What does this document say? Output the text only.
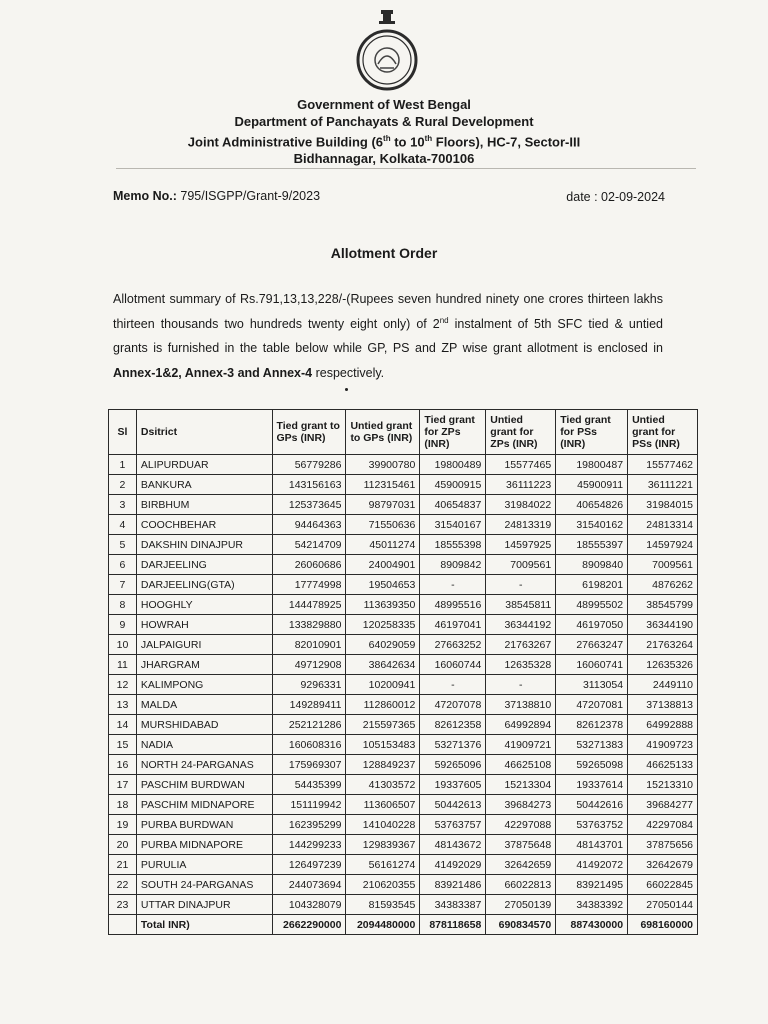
Government of West Bengal
Department of Panchayats & Rural Development
Joint Administrative Building (6th to 10th Floors), HC-7, Sector-III
Bidhannagar, Kolkata-700106
Memo No.: 795/ISGPP/Grant-9/2023	date : 02-09-2024
Allotment Order
Allotment summary of Rs.791,13,13,228/-(Rupees seven hundred ninety one crores thirteen lakhs thirteen thousands two hundreds twenty eight only) of 2nd instalment of 5th SFC tied & untied grants is furnished in the table below while GP, PS and ZP wise grant allotment is enclosed in Annex-1&2, Annex-3 and Annex-4 respectively.
Sl	Dsitrict	Tied grant to GPs (INR)	Untied grant to GPs (INR)	Tied grant for ZPs (INR)	Untied grant for ZPs (INR)	Tied grant for PSs (INR)	Untied grant for PSs (INR)
1	ALIPURDUAR	56779286	39900780	19800489	15577465	19800487	15577462
2	BANKURA	143156163	112315461	45900915	36111223	45900911	36111221
3	BIRBHUM	125373645	98797031	40654837	31984022	40654826	31984015
4	COOCHBEHAR	94464363	71550636	31540167	24813319	31540162	24813314
5	DAKSHIN DINAJPUR	54214709	45011274	18555398	14597925	18555397	14597924
6	DARJEELING	26060686	24004901	8909842	7009561	8909840	7009561
7	DARJEELING(GTA)	17774998	19504653	-	-	6198201	4876262
8	HOOGHLY	144478925	113639350	48995516	38545811	48995502	38545799
9	HOWRAH	133829880	120258335	46197041	36344192	46197050	36344190
10	JALPAIGURI	82010901	64029059	27663252	21763267	27663247	21763264
11	JHARGRAM	49712908	38642634	16060744	12635328	16060741	12635326
12	KALIMPONG	9296331	10200941	-	-	3113054	2449110
13	MALDA	149289411	112860012	47207078	37138810	47207081	37138813
14	MURSHIDABAD	252121286	215597365	82612358	64992894	82612378	64992888
15	NADIA	160608316	105153483	53271376	41909721	53271383	41909723
16	NORTH 24-PARGANAS	175969307	128849237	59265096	46625108	59265098	46625133
17	PASCHIM BURDWAN	54435399	41303572	19337605	15213304	19337614	15213310
18	PASCHIM MIDNAPORE	151119942	113606507	50442613	39684273	50442616	39684277
19	PURBA BURDWAN	162395299	141040228	53763757	42297088	53763752	42297084
20	PURBA MIDNAPORE	144299233	129839367	48143672	37875648	48143701	37875656
21	PURULIA	126497239	56161274	41492029	32642659	41492072	32642679
22	SOUTH 24-PARGANAS	244073694	210620355	83921486	66022813	83921495	66022845
23	UTTAR DINAJPUR	104328079	81593545	34383387	27050139	34383392	27050144
	Total INR)	2662290000	2094480000	878118658	690834570	887430000	698160000
